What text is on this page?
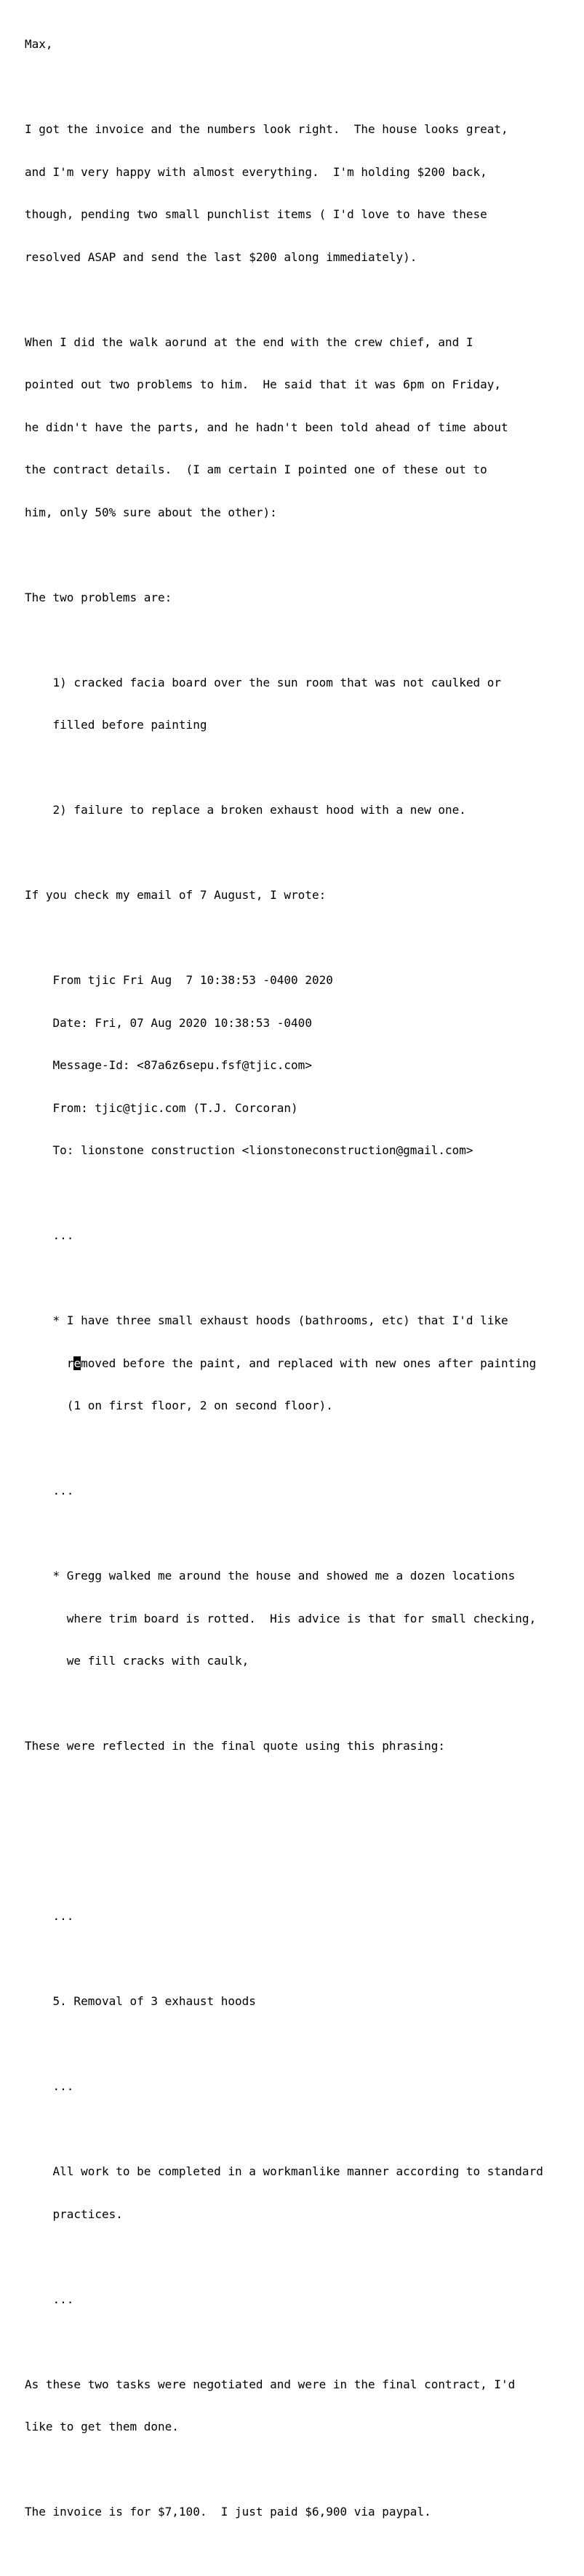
Max,

I got the invoice and the numbers look right.  The house looks great,

and I'm very happy with almost everything.  I'm holding $200 back,

though, pending two small punchlist items ( I'd love to have these

resolved ASAP and send the last $200 along immediately).

When I did the walk aorund at the end with the crew chief, and I

pointed out two problems to him.  He said that it was 6pm on Friday,

he didn't have the parts, and he hadn't been told ahead of time about

the contract details.  (I am certain I pointed one of these out to

him, only 50% sure about the other):

The two problems are:

1) cracked facia board over the sun room that was not caulked or

filled before painting

2) failure to replace a broken exhaust hood with a new one.

If you check my email of 7 August, I wrote:

From tjic Fri Aug  7 10:38:53 -0400 2020

Date: Fri, 07 Aug 2020 10:38:53 -0400

Message-Id: <87a6z6sepu.fsf@tjic.com>

From: tjic@tjic.com (T.J. Corcoran)

To: lionstone construction <lionstoneconstruction@gmail.com>

...

* I have three small exhaust hoods (bathrooms, etc) that I'd like

removed before the paint, and replaced with new ones after painting

(1 on first floor, 2 on second floor).

...

* Gregg walked me around the house and showed me a dozen locations

where trim board is rotted.  His advice is that for small checking,

we fill cracks with caulk,

These were reflected in the final quote using this phrasing:

...

5. Removal of 3 exhaust hoods

...

All work to be completed in a workmanlike manner according to standard

practices.

...

As these two tasks were negotiated and were in the final contract, I'd

like to get them done.

The invoice is for $7,100.  I just paid $6,900 via paypal.
